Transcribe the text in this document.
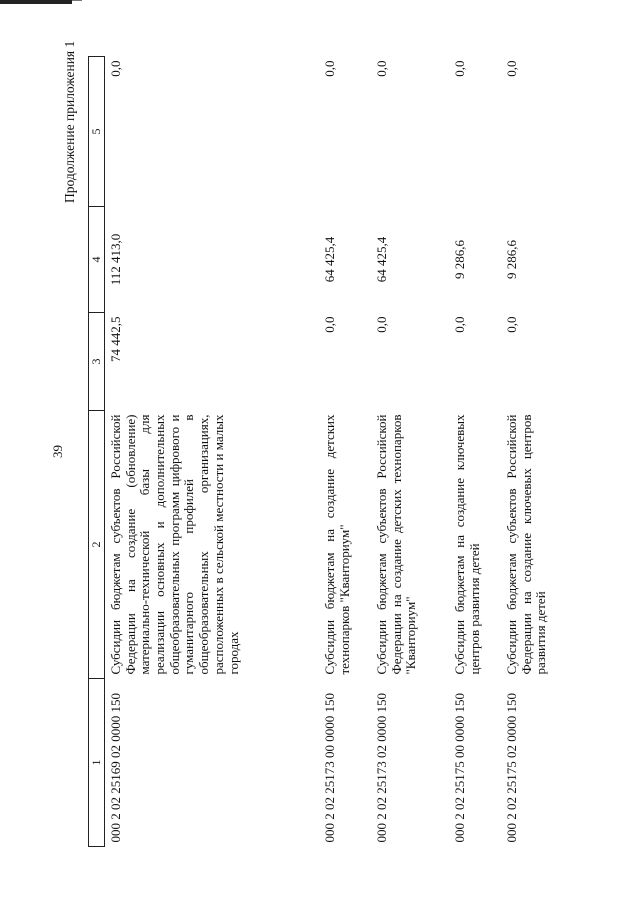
39
Продолжение приложения 1
1	2	3	4	5
000 2 02 25169 02 0000 150	Субсидии бюджетам субъектов Российской Федерации на создание (обновление) материально-технической базы для реализации основных и дополнительных общеобразовательных программ цифрового и гуманитарного профилей в общеобразовательных организациях, расположенных в сельской местности и малых городах	74 442,5	112 413,0	0,0
000 2 02 25173 00 0000 150	Субсидии бюджетам на создание детских технопарков "Кванториум"	0,0	64 425,4	0,0
000 2 02 25173 02 0000 150	Субсидии бюджетам субъектов Российской Федерации на создание детских технопарков "Кванториум"	0,0	64 425,4	0,0
000 2 02 25175 00 0000 150	Субсидии бюджетам на создание ключевых центров развития детей	0,0	9 286,6	0,0
000 2 02 25175 02 0000 150	Субсидии бюджетам субъектов Российской Федерации на создание ключевых центров развития детей	0,0	9 286,6	0,0
